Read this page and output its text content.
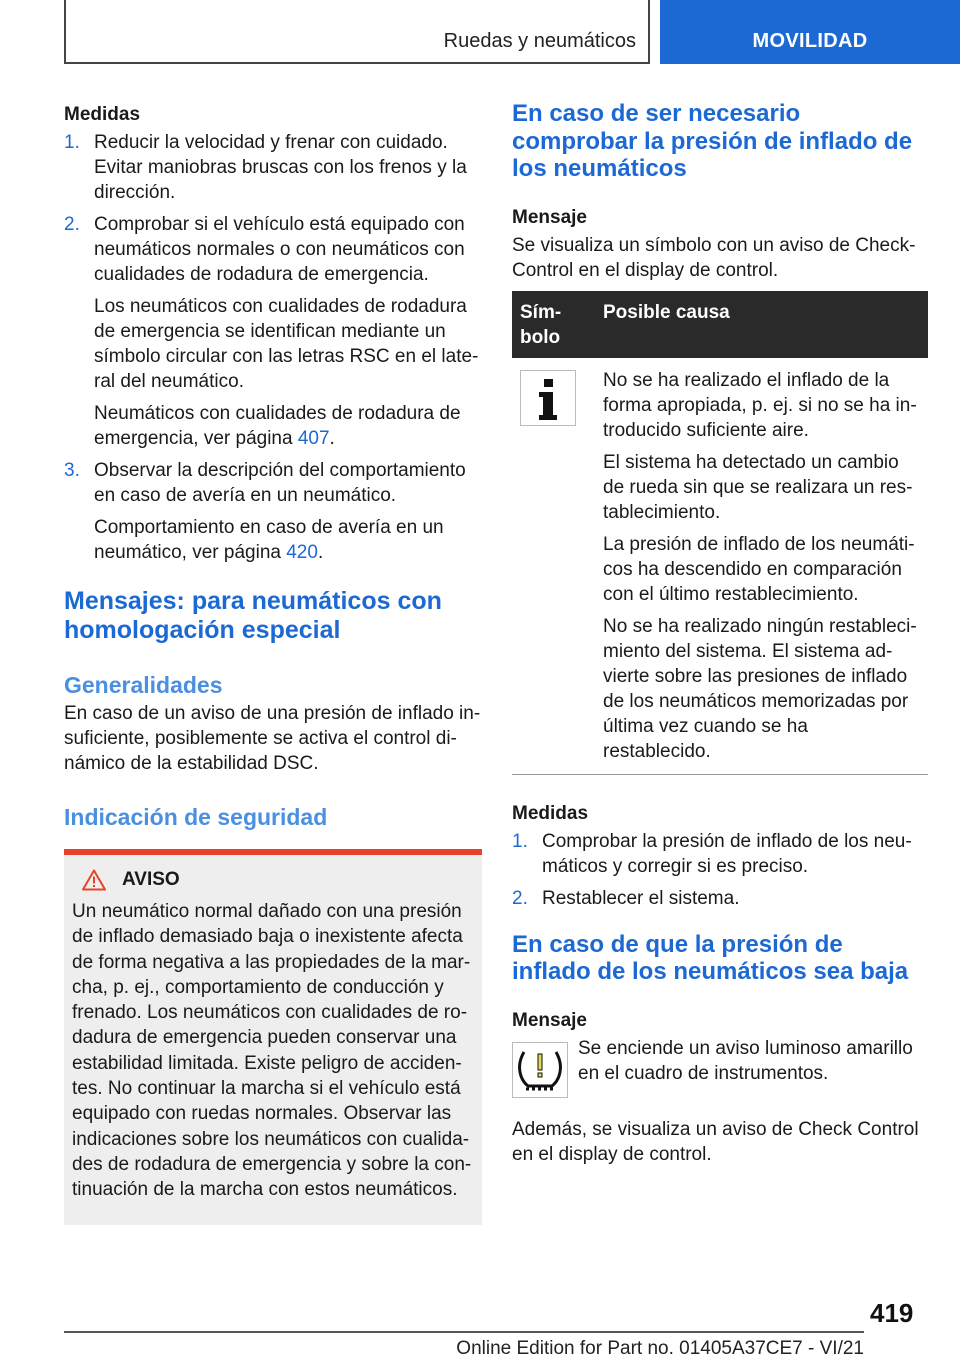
Ruedas y neumáticos	MOVILIDAD
Medidas
1. Reducir la velocidad y frenar con cuidado. Evitar maniobras bruscas con los frenos y la dirección.
2. Comprobar si el vehículo está equipado con neumáticos normales o con neumáticos con cualidades de rodadura de emergencia.

Los neumáticos con cualidades de rodadura de emergencia se identifican mediante un símbolo circular con las letras RSC en el late-ral del neumático.

Neumáticos con cualidades de rodadura de emergencia, ver página 407.

3. Observar la descripción del comportamiento en caso de avería en un neumático.

Comportamiento en caso de avería en un neumático, ver página 420.

Mensajes: para neumáticos con homologación especial
Generalidades

En caso de un aviso de una presión de inflado in-suficiente, posiblemente se activa el control di-námico de la estabilidad DSC.

Indicación de seguridad
AVISO

Un neumático normal dañado con una presión de inflado demasiado baja o inexistente afecta de forma negativa a las propiedades de la mar-cha, p. ej., comportamiento de conducción y frenado. Los neumáticos con cualidades de ro-dadura de emergencia pueden conservar una estabilidad limitada. Existe peligro de acciden-tes. No continuar la marcha si el vehículo está equipado con ruedas normales. Observar las indicaciones sobre los neumáticos con cualida-des de rodadura de emergencia y sobre la con-tinuación de la marcha con estos neumáticos.

En caso de ser necesario comprobar la presión de inflado de los neumáticos
Mensaje

Se visualiza un símbolo con un aviso de Check-Control en el display de control.

Sím-bolo	Posible causa

No se ha realizado el inflado de la forma apropiada, p. ej. si no se ha in-troducido suficiente aire.

El sistema ha detectado un cambio de rueda sin que se realizara un res-tablecimiento.

La presión de inflado de los neumáti-cos ha descendido en comparación con el último restablecimiento.

No se ha realizado ningún restableci-miento del sistema. El sistema ad-vierte sobre las presiones de inflado de los neumáticos memorizadas por última vez cuando se ha restablecido.

Medidas
1. Comprobar la presión de inflado de los neu-máticos y corregir si es preciso.
2. Restablecer el sistema.
En caso de que la presión de inflado de los neumáticos sea baja
Mensaje

Se enciende un aviso luminoso amarillo en el cuadro de instrumentos.

Además, se visualiza un aviso de Check Control en el display de control.

419
Online Edition for Part no. 01405A37CE7 - VI/21
